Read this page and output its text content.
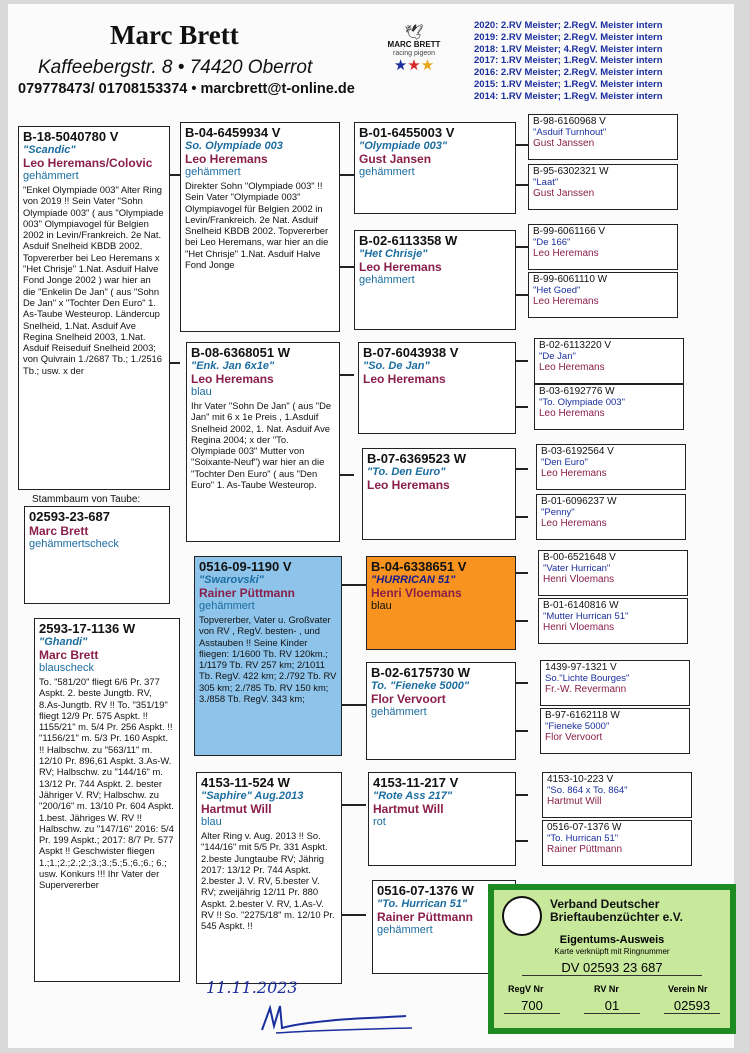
Marc Brett
Kaffeebergstr. 8 • 74420 Oberrot
079778473/ 01708153374 • marcbrett@t-online.de
🕊
MARC BRETT
racing pigeon
★★★
2020: 2.RV Meister; 2.RegV. Meister intern
2019: 2.RV Meister; 2.RegV. Meister intern
2018: 1.RV Meister; 4.RegV. Meister intern
2017: 1.RV Meister; 1.RegV. Meister intern
2016: 2.RV Meister; 2.RegV. Meister intern
2015: 1.RV Meister; 1.RegV. Meister intern
2014: 1.RV Meister; 1.RegV. Meister intern
B-18-5040780 V
"Scandic"
Leo Heremans/Colovic
gehämmert
"Enkel Olympiade 003" Alter Ring von 2019 !! Sein Vater "Sohn Olympiade 003" ( aus "Olympiade 003" Olympiavogel für Belgien 2002 in Levin/Frankreich. 2e Nat. Asduif Snelheid KBDB 2002. Topvererber bei Leo Heremans x "Het Chrisje" 1.Nat. Asduif Halve Fond Jonge 2002 ) war hier an die "Enkelin De Jan" ( aus "Sohn De Jan" x "Tochter Den Euro" 1. As-Taube Westeurop. Ländercup Snelheid, 1.Nat. Asduif Ave Regina Snelheid 2003, 1.Nat. Asduif Reiseduif Snelheid 2003; von Quivrain 1./2687 Tb.; 1./2516 Tb.; usw. x der
Stammbaum von Taube:
02593-23-687
Marc Brett
gehämmertscheck
2593-17-1136 W
"Ghandi"
Marc Brett
blauscheck
To. "581/20" fliegt 6/6 Pr. 377 Aspkt. 2. beste Jungtb. RV, 8.As-Jungtb. RV !! To. "351/19" fliegt 12/9 Pr. 575 Aspkt. !! 1155/21" m. 5/4 Pr. 256 Aspkt. !! "1156/21" m. 5/3 Pr. 160 Aspkt. !! Halbschw. zu "563/11" m. 12/10 Pr. 896,61 Aspkt. 3.As-W. RV; Halbschw. zu "144/16" m. 13/12 Pr. 744 Aspkt. 2. bester Jähriger V. RV; Halbschw. zu "200/16" m. 13/10 Pr. 604 Aspkt. 1.best. Jähriges W. RV !! Halbschw. zu "147/16" 2016: 5/4 Pr. 199 Aspkt.; 2017: 8/7 Pr. 577 Aspkt !! Geschwister fliegen 1.;1.;2.;2.;2.;3.;3.;5.;5.;6.;6.; 6.; usw. Konkurs !!! Ihr Vater der Supervererber
B-04-6459934 V
So. Olympiade 003
Leo Heremans
gehämmert
Direkter Sohn "Olympiade 003" !! Sein Vater "Olympiade 003" Olympiavogel für Belgien 2002 in Levin/Frankreich. 2e Nat. Asduif Snelheid KBDB 2002. Topvererber bei Leo Heremans, war hier an die "Het Chrisje" 1.Nat. Asduif Halve Fond Jonge
B-08-6368051 W
"Enk. Jan 6x1e"
Leo Heremans
blau
Ihr Vater "Sohn De Jan" ( aus "De Jan" mit 6 x 1e Preis , 1.Asduif Snelheid 2002, 1. Nat. Asduif Ave Regina 2004; x der "To. Olympiade 003" Mutter von "Soixante-Neuf") war hier an die "Tochter Den Euro" ( aus "Den Euro" 1. As-Taube Westeurop.
0516-09-1190 V
"Swarovski"
Rainer Püttmann
gehämmert
Topvererber, Vater u. Großvater von RV , RegV. besten- , und Asstauben !! Seine Kinder fliegen: 1/1600 Tb. RV 120km.; 1/1179 Tb. RV 257 km; 2/1011 Tb. RegV. 422 km; 2./792 Tb. RV 305 km; 2./785 Tb. RV 150 km; 3./858 Tb. RegV. 343 km;
4153-11-524 W
"Saphire" Aug.2013
Hartmut Will
blau
Alter Ring v. Aug. 2013 !! So. "144/16" mit 5/5 Pr. 331 Aspkt. 2.beste Jungtaube RV; Jährig 2017: 13/12 Pr. 744 Aspkt. 2.bester J. V. RV, 5.bester V. RV; zweijährig 12/11 Pr. 880 Aspkt. 2.bester V. RV, 1.As-V. RV !! So. "2275/18" m. 12/10 Pr. 545 Aspkt. !!
B-01-6455003 V
"Olympiade 003"
Gust Jansen
gehämmert
B-02-6113358 W
"Het Chrisje"
Leo Heremans
gehämmert
B-07-6043938 V
"So. De Jan"
Leo Heremans
B-07-6369523 W
"To. Den Euro"
Leo Heremans
B-04-6338651 V
"HURRICAN 51"
Henri Vloemans
blau
B-02-6175730 W
To. "Fieneke 5000"
Flor Vervoort
gehämmert
4153-11-217 V
"Rote Ass 217"
Hartmut Will
rot
0516-07-1376 W
"To. Hurrican 51"
Rainer Püttmann
gehämmert
B-98-6160968 V
"Asduif Turnhout"
Gust Janssen
B-95-6302321 W
"Laat"
Gust Janssen
B-99-6061166 V
"De 166"
Leo Heremans
B-99-6061110 W
"Het Goed"
Leo Heremans
B-02-6113220 V
"De Jan"
Leo Heremans
B-03-6192776 W
"To. Olympiade 003"
Leo Heremans
B-03-6192564 V
"Den Euro"
Leo Heremans
B-01-6096237 W
"Penny"
Leo Heremans
B-00-6521648 V
"Vater Hurrican"
Henri Vloemans
B-01-6140816 W
"Mutter Hurrican 51"
Henri Vloemans
1439-97-1321 V
So."Lichte Bourges"
Fr.-W. Revermann
B-97-6162118 W
"Fieneke 5000"
Flor Vervoort
4153-10-223 V
"So. 864 x To. 864"
Hartmut Will
0516-07-1376 W
"To. Hurrican 51"
Rainer Püttmann
11.11.2023
Verband Deutscher Brieftaubenzüchter e.V.
Eigentums-Ausweis
Karte verknüpft mit Ringnummer
DV 02593 23 687
RegV Nr	RV Nr	Verein Nr
700	01	02593
